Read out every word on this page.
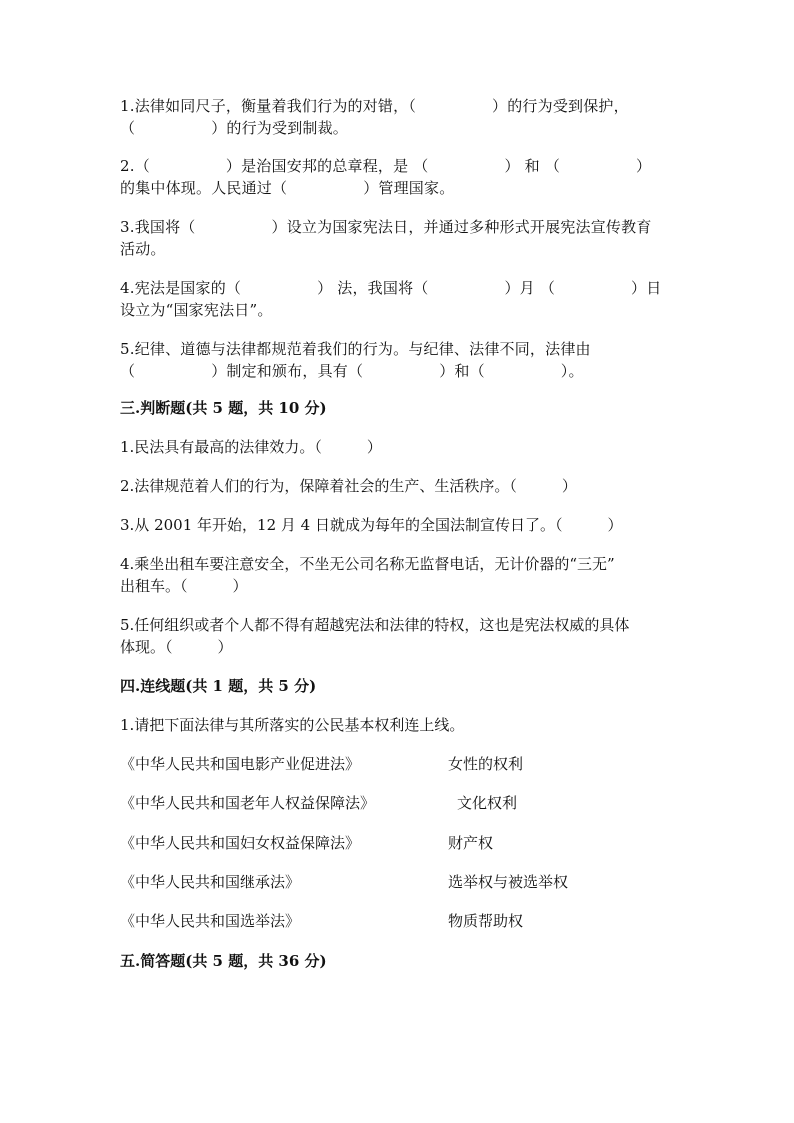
1.法律如同尺子，衡量着我们行为的对错，（　　　　　）的行为受到保护，
（　　　　　）的行为受到制裁。
2.（　　　　　）是治国安邦的总章程，是 （　　　　　） 和 （　　　　　）
的集中体现。人民通过（　　　　　）管理国家。
3.我国将（　　　　　）设立为国家宪法日，并通过多种形式开展宪法宣传教育
活动。
4.宪法是国家的（　　　　　） 法，我国将（　　　　　）月 （　　　　　）日
设立为“国家宪法日”。
5.纪律、道德与法律都规范着我们的行为。与纪律、法律不同，法律由
（　　　　　）制定和颁布，具有（　　　　　）和（　　　　　）。
三.判断题(共 5 题，共 10 分)
1.民法具有最高的法律效力。（　　　）
2.法律规范着人们的行为，保障着社会的生产、生活秩序。（　　　）
3.从 2001 年开始，12 月 4 日就成为每年的全国法制宣传日了。（　　　）
4.乘坐出租车要注意安全，不坐无公司名称无监督电话，无计价器的“三无”
出租车。（　　　）
5.任何组织或者个人都不得有超越宪法和法律的特权，这也是宪法权威的具体
体现。（　　　）
四.连线题(共 1 题，共 5 分)
1.请把下面法律与其所落实的公民基本权利连上线。
《中华人民共和国电影产业促进法》	女性的权利
《中华人民共和国老年人权益保障法》	文化权利
《中华人民共和国妇女权益保障法》	财产权
《中华人民共和国继承法》	选举权与被选举权
《中华人民共和国选举法》	物质帮助权
五.简答题(共 5 题，共 36 分)
